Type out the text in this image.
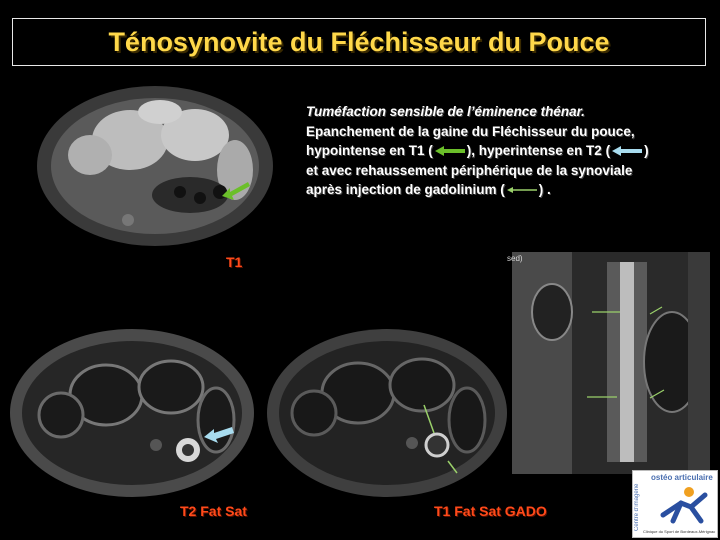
Ténosynovite du Fléchisseur du Pouce
Tuméfaction sensible de l’éminence thénar.
Epanchement de la gaine du Fléchisseur du pouce,
hypointense en T1 (	), hyperintense en T2 (	)
et avec rehaussement périphérique de la synoviale
après injection de gadolinium (	) .
T1
T2 Fat Sat	T1 Fat Sat GADO
sed)
Centre d’imagerie
ostéo articulaire
Clinique du Sport de Bordeaux-Mérignac
